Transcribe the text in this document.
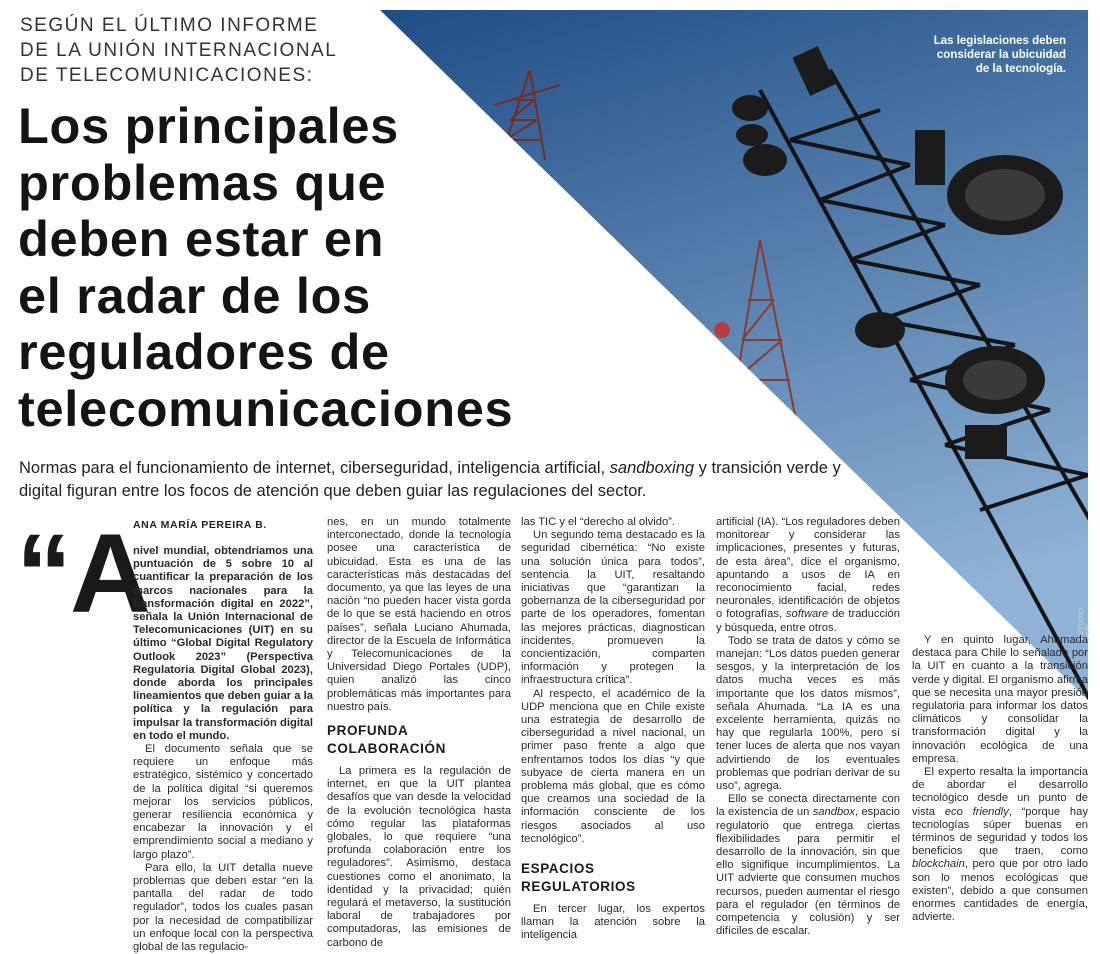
Las legislaciones deben
considerar la ubicuidad
de la tecnología.
ESTUDIO PAEL
SEGÚN EL ÚLTIMO INFORME
DE LA UNIÓN INTERNACIONAL
DE TELECOMUNICACIONES:
Los principales
problemas que
deben estar en
el radar de los
reguladores de
telecomunicaciones
Normas para el funcionamiento de internet, ciberseguridad, inteligencia artificial, sandboxing y transición verde y digital figuran entre los focos de atención que deben guiar las regulaciones del sector.
“A
ANA MARÍA PEREIRA B.

nivel mundial, obtendríamos una puntuación de 5 sobre 10 al cuantificar la preparación de los marcos nacionales para la transformación digital en 2022”, señala la Unión Internacional de Telecomunicaciones (UIT) en su último “Global Digital Regulatory Outlook 2023” (Perspectiva Regulatoria Digital Global 2023), donde aborda los principales lineamientos que deben guiar a la política y la regulación para impulsar la transformación digital en todo el mundo.

El documento señala que se requiere un enfoque más estratégico, sistémico y concertado de la política digital “si queremos mejorar los servicios públicos, generar resiliencia económica y encabezar la innovación y el emprendimiento social a mediano y largo plazo”.

Para ello, la UIT detalla nueve problemas que deben estar “en la pantalla del radar de todo regulador”, todos los cuales pasan por la necesidad de compatibilizar un enfoque local con la perspectiva global de las regulacio-

nes, en un mundo totalmente interconectado, donde la tecnología posee una característica de ubicuidad. Esta es una de las características más destacadas del documento, ya que las leyes de una nación “no pueden hacer vista gorda de lo que se está haciendo en otros países”, señala Luciano Ahumada, director de la Escuela de Informática y Telecomunicaciones de la Universidad Diego Portales (UDP), quien analizó las cinco problemáticas más importantes para nuestro país.

PROFUNDA
COLABORACIÓN

La primera es la regulación de internet, en que la UIT plantea desafíos que van desde la velocidad de la evolución tecnológica hasta cómo regular las plataformas globales, lo que requiere “una profunda colaboración entre los reguladores”. Asimismo, destaca cuestiones como el anonimato, la identidad y la privacidad; quién regulará el metaverso, la sustitución laboral de trabajadores por computadoras, las emisiones de carbono de

las TIC y el “derecho al olvido”.

Un segundo tema destacado es la seguridad cibernética: “No existe una solución única para todos”, sentencia la UIT, resaltando iniciativas que “garantizan la gobernanza de la ciberseguridad por parte de los operadores, fomentan las mejores prácticas, diagnostican incidentes, promueven la concientización, comparten información y protegen la infraestructura crítica”.

Al respecto, el académico de la UDP menciona que en Chile existe una estrategia de desarrollo de ciberseguridad a nivel nacional, un primer paso frente a algo que enfrentamos todos los días “y que subyace de cierta manera en un problema más global, que es cómo que creamos una sociedad de la información consciente de los riesgos asociados al uso tecnológico”.

ESPACIOS
REGULATORIOS

En tercer lugar, los expertos llaman la atención sobre la inteligencia

artificial (IA). “Los reguladores deben monitorear y considerar las implicaciones, presentes y futuras, de esta área”, dice el organismo, apuntando a usos de IA en reconocimiento facial, redes neuronales, identificación de objetos o fotografías, software de traducción y búsqueda, entre otros.

Todo se trata de datos y cómo se manejan: “Los datos pueden generar sesgos, y la interpretación de los datos mucha veces es más importante que los datos mismos”, señala Ahumada. “La IA es una excelente herramienta, quizás no hay que regularla 100%, pero sí tener luces de alerta que nos vayan advirtiendo de los eventuales problemas que podrían derivar de su uso”, agrega.

Ello se conecta directamente con la existencia de un sandbox, espacio regulatorio que entrega ciertas flexibilidades para permitir el desarrollo de la innovación, sin que ello signifique incumplimientos. La UIT advierte que consumen muchos recursos, pueden aumentar el riesgo para el regulador (en términos de competencia y colusión) y ser difíciles de escalar.

Y en quinto lugar, Ahumada destaca para Chile lo señalado por la UIT en cuanto a la transición verde y digital. El organismo afirma que se necesita una mayor presión regulatoria para informar los datos climáticos y consolidar la transformación digital y la innovación ecológica de una empresa.

El experto resalta la importancia de abordar el desarrollo tecnológico desde un punto de vista eco friendly, “porque hay tecnologías súper buenas en términos de seguridad y todos los beneficios que traen, como blockchain, pero que por otro lado son lo menos ecológicas que existen”, debido a que consumen enormes cantidades de energía, advierte.
